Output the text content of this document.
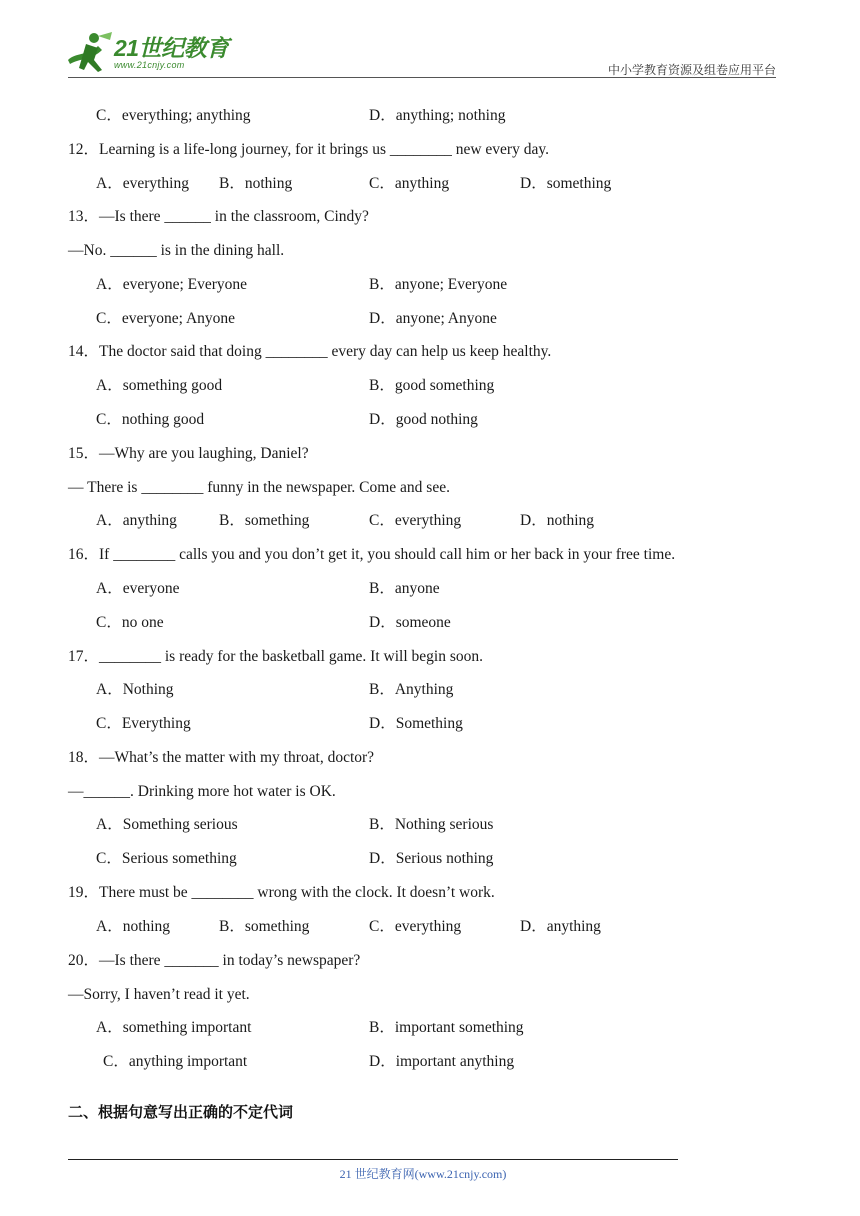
21世纪教育
www.21cnjy.com	中小学教育资源及组卷应用平台
C．everything; anything	D．anything; nothing
12．Learning is a life-long journey, for it brings us ________ new every day.
A．everything B．nothing	C．anything	D．something
13．—Is there ______ in the classroom, Cindy?
—No. ______ is in the dining hall.
A．everyone; Everyone	B．anyone; Everyone
C．everyone; Anyone	D．anyone; Anyone
14．The doctor said that doing ________ every day can help us keep healthy.
A．something good	B．good something
C．nothing good	D．good nothing
15．—Why are you laughing, Daniel?
— There is ________ funny in the newspaper. Come and see.
A．anything	B．something	C．everything	D．nothing
16．If ________ calls you and you don’t get it, you should call him or her back in your free time.
A．everyone	B．anyone
C．no one	D．someone
17．________ is ready for the basketball game. It will begin soon.
A．Nothing	B．Anything
C．Everything	D．Something
18．—What’s the matter with my throat, doctor?
—______. Drinking more hot water is OK.
A．Something serious	B．Nothing serious
C．Serious something	D．Serious nothing
19．There must be ________ wrong with the clock. It doesn’t work.
A．nothing	B．something	C．everything	D．anything
20．—Is there _______ in today’s newspaper?
—Sorry, I haven’t read it yet.
A．something important	B．important something
C．anything important	D．important anything
二、根据句意写出正确的不定代词
21 世纪教育网(www.21cnjy.com)
